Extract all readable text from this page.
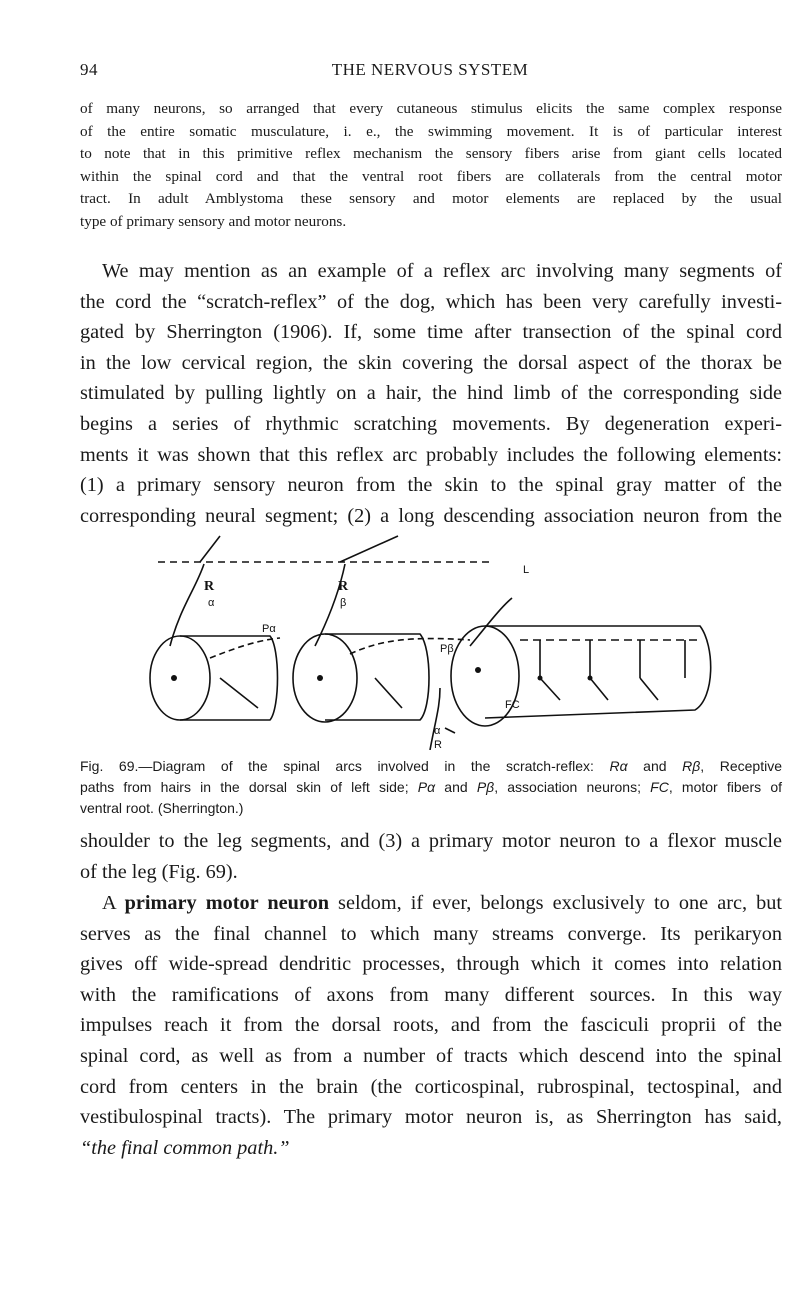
94	THE NERVOUS SYSTEM

of many neurons, so arranged that every cutaneous stimulus elicits the same complex response
of the entire somatic musculature, i. e., the swimming movement. It is of particular interest
to note that in this primitive reflex mechanism the sensory fibers arise from giant cells located
within the spinal cord and that the ventral root fibers are collaterals from the central motor
tract. In adult Amblystoma these sensory and motor elements are replaced by the usual
type of primary sensory and motor neurons.

We may mention as an example of a reflex arc involving many segments of
the cord the “scratch-reflex” of the dog, which has been very carefully investi-
gated by Sherrington (1906). If, some time after transection of the spinal cord
in the low cervical region, the skin covering the dorsal aspect of the thorax be
stimulated by pulling lightly on a hair, the hind limb of the corresponding side
begins a series of rhythmic scratching movements. By degeneration experi-
ments it was shown that this reflex arc probably includes the following elements:
(1) a primary sensory neuron from the skin to the spinal gray matter of the
corresponding neural segment; (2) a long descending association neuron from the

R
α
R
β
Pα
Pβ
L
FC
α
R

Fig. 69.—Diagram of the spinal arcs involved in the scratch-reflex: Rα and Rβ, Receptive
paths from hairs in the dorsal skin of left side; Pα and Pβ, association neurons; FC, motor fibers of
ventral root. (Sherrington.)

shoulder to the leg segments, and (3) a primary motor neuron to a flexor muscle
of the leg (Fig. 69).

A primary motor neuron seldom, if ever, belongs exclusively to one arc, but
serves as the final channel to which many streams converge. Its perikaryon
gives off wide-spread dendritic processes, through which it comes into relation
with the ramifications of axons from many different sources. In this way
impulses reach it from the dorsal roots, and from the fasciculi proprii of the
spinal cord, as well as from a number of tracts which descend into the spinal
cord from centers in the brain (the corticospinal, rubrospinal, tectospinal, and
vestibulospinal tracts). The primary motor neuron is, as Sherrington has said,
“the final common path.”
